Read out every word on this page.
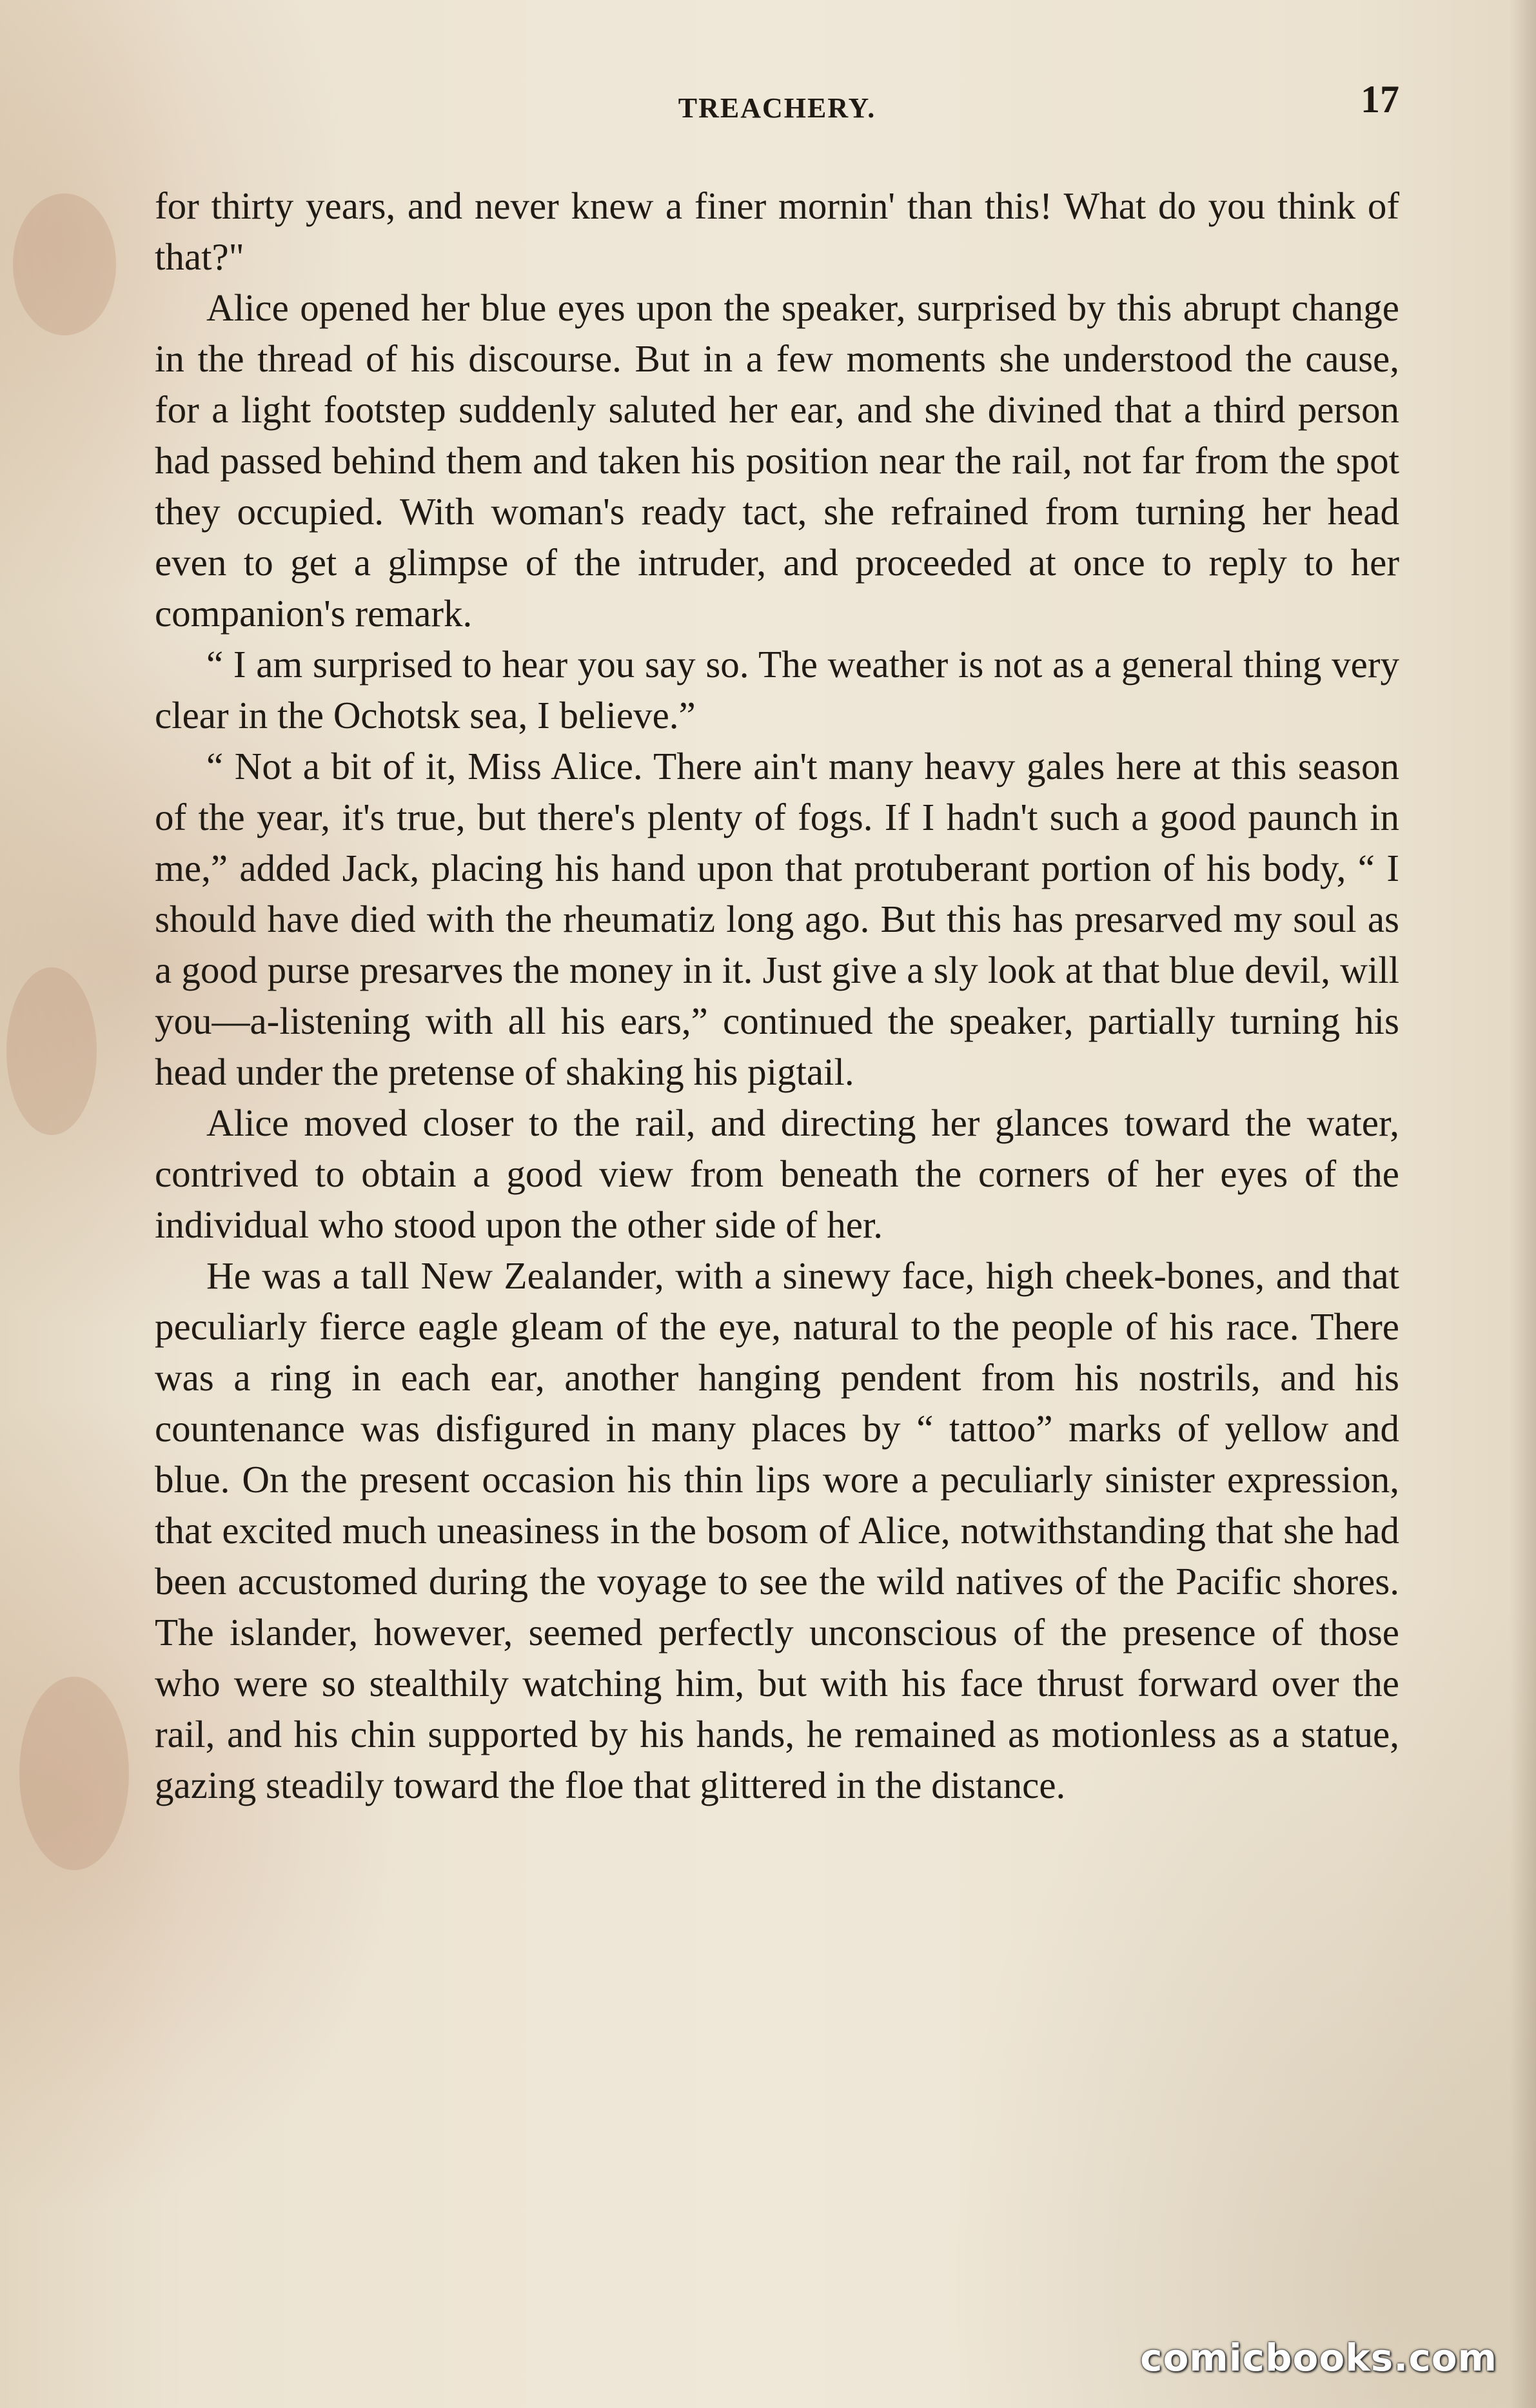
TREACHERY.	17

for thirty years, and never knew a finer mornin' than this! What do you think of that?"

Alice opened her blue eyes upon the speaker, surprised by this abrupt change in the thread of his discourse. But in a few moments she understood the cause, for a light footstep suddenly saluted her ear, and she divined that a third person had passed behind them and taken his position near the rail, not far from the spot they occupied. With woman's ready tact, she refrained from turning her head even to get a glimpse of the intruder, and proceeded at once to reply to her companion's remark.

“ I am surprised to hear you say so. The weather is not as a general thing very clear in the Ochotsk sea, I believe.”

“ Not a bit of it, Miss Alice. There ain't many heavy gales here at this season of the year, it's true, but there's plenty of fogs. If I hadn't such a good paunch in me,” added Jack, placing his hand upon that protuberant portion of his body, “ I should have died with the rheumatiz long ago. But this has presarved my soul as a good purse presarves the money in it. Just give a sly look at that blue devil, will you—a-listening with all his ears,” continued the speaker, partially turning his head under the pretense of shaking his pigtail.

Alice moved closer to the rail, and directing her glances toward the water, contrived to obtain a good view from beneath the corners of her eyes of the individual who stood upon the other side of her.

He was a tall New Zealander, with a sinewy face, high cheek-bones, and that peculiarly fierce eagle gleam of the eye, natural to the people of his race. There was a ring in each ear, another hanging pendent from his nostrils, and his countenance was disfigured in many places by “ tattoo” marks of yellow and blue. On the present occasion his thin lips wore a peculiarly sinister expression, that excited much uneasiness in the bosom of Alice, notwithstanding that she had been accustomed during the voyage to see the wild natives of the Pacific shores. The islander, however, seemed perfectly unconscious of the presence of those who were so stealthily watching him, but with his face thrust forward over the rail, and his chin supported by his hands, he remained as motionless as a statue, gazing steadily toward the floe that glittered in the distance.

comicbooks.com
